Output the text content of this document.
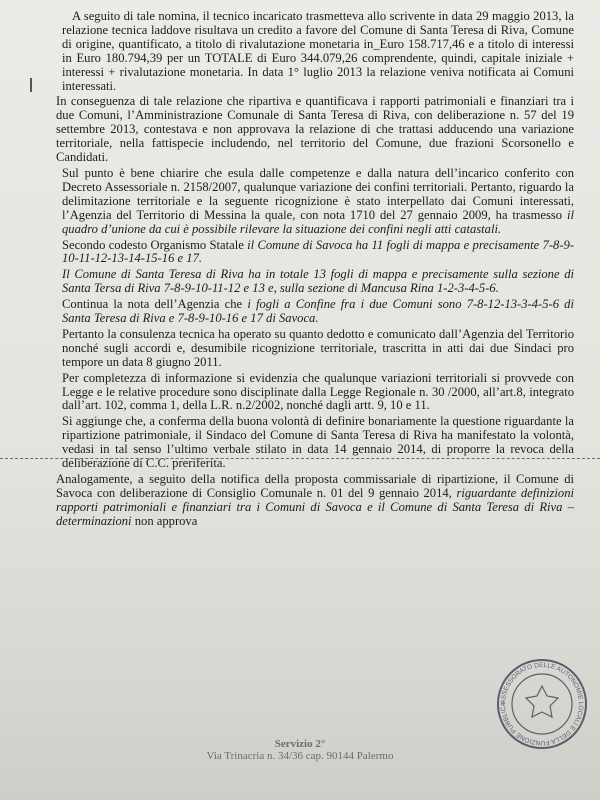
A seguito di tale nomina, il tecnico incaricato trasmetteva allo scrivente in data 29 maggio 2013, la relazione tecnica laddove risultava un credito a favore del Comune di Santa Teresa di Riva, Comune di origine, quantificato, a titolo di rivalutazione monetaria in_Euro 158.717,46 e a titolo di interessi in Euro 180.794,39 per un TOTALE di Euro 344.079,26 comprendente, quindi, capitale iniziale + interessi + rivalutazione monetaria. In data 1° luglio 2013 la relazione veniva notificata ai Comuni interessati.

In conseguenza di tale relazione che ripartiva e quantificava i rapporti patrimoniali e finanziari tra i due Comuni, l’Amministrazione Comunale di Santa Teresa di Riva, con deliberazione n. 57 del 19 settembre 2013, contestava e non approvava la relazione di che trattasi adducendo una variazione territoriale, nella fattispecie includendo, nel territorio del Comune, due frazioni Scorsonello e Candidati.

Sul punto è bene chiarire che esula dalle competenze e dalla natura dell’incarico conferito con Decreto Assessoriale n. 2158/2007, qualunque variazione dei confini territoriali. Pertanto, riguardo la delimitazione territoriale e la seguente ricognizione è stato interpellato dai Comuni interessati, l’Agenzia del Territorio di Messina la quale, con nota 1710 del 27 gennaio 2009, ha trasmesso il quadro d’unione da cui è possibile rilevare la situazione dei confini negli atti catastali.

Secondo codesto Organismo Statale il Comune di Savoca ha 11 fogli di mappa e precisamente 7-8-9-10-11-12-13-14-15-16 e 17.

Il Comune di Santa Teresa di Riva ha in totale 13 fogli di mappa e precisamente sulla sezione di Santa Tersa di Riva 7-8-9-10-11-12 e 13 e, sulla sezione di Mancusa Rina 1-2-3-4-5-6.

Continua la nota dell’Agenzia che i fogli a Confine fra i due Comuni sono 7-8-12-13-3-4-5-6 di Santa Teresa di Riva e 7-8-9-10-16 e 17 di Savoca.

Pertanto la consulenza tecnica ha operato su quanto dedotto e comunicato dall’Agenzia del Territorio nonché sugli accordi e, desumibile ricognizione territoriale, trascritta in atti dai due Sindaci pro tempore un data 8 giugno 2011.

Per completezza di informazione si evidenzia che qualunque variazioni territoriali si provvede con Legge e le relative procedure sono disciplinate dalla Legge Regionale n. 30 /2000, all’art.8, integrato dall’art. 102, comma 1, della L.R. n.2/2002, nonché dagli artt. 9, 10 e 11.

Si aggiunge che, a conferma della buona volontà di definire bonariamente la questione riguardante la ripartizione patrimoniale, il Sindaco del Comune di Santa Teresa di Riva ha manifestato la volontà, vedasi in tal senso l’ultimo verbale stilato in data 14 gennaio 2014, di proporre la revoca della deliberazione di C.C. preriferita.

Analogamente, a seguito della notifica della proposta commissariale di ripartizione, il Comune di Savoca con deliberazione di Consiglio Comunale n. 01 del 9 gennaio 2014, riguardante definizioni rapporti patrimoniali e finanziari tra i Comuni di Savoca e il Comune di Santa Teresa di Riva – determinazioni non approva

ASSESSORATO DELLE AUTONOMIE LOCALI E DELLA FUNZIONE PUBBLICA
Servizio 2°
Via Trinacria n. 34/36 cap. 90144 Palermo
